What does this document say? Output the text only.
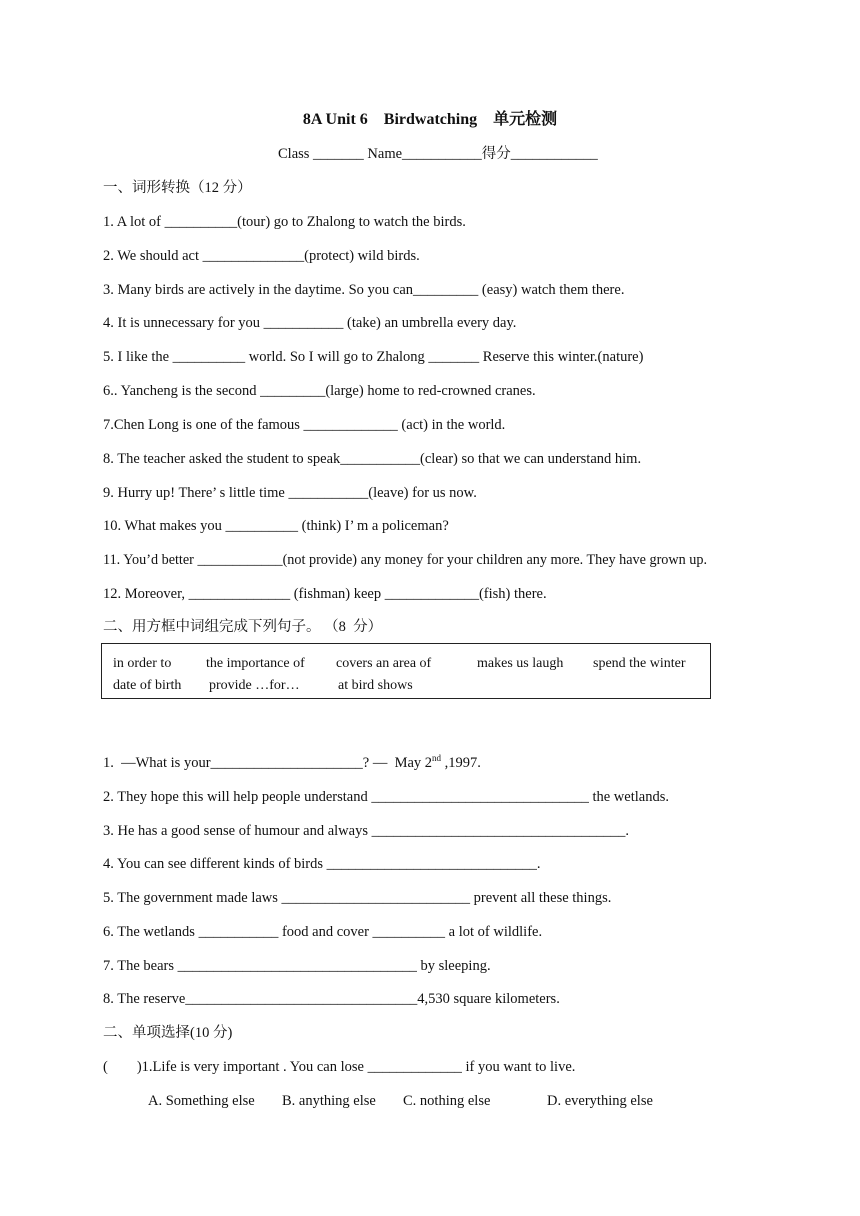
8A Unit 6    Birdwatching    单元检测
Class _______ Name___________得分____________
一、词形转换（12 分）
1. A lot of __________(tour) go to Zhalong to watch the birds.
2. We should act ______________(protect) wild birds.
3. Many birds are actively in the daytime. So you can_________ (easy) watch them there.
4. It is unnecessary for you ___________ (take) an umbrella every day.
5. I like the __________ world. So I will go to Zhalong _______ Reserve this winter.(nature)
6.. Yancheng is the second _________(large) home to red-crowned cranes.
7.Chen Long is one of the famous _____________ (act) in the world.
8. The teacher asked the student to speak___________(clear) so that we can understand him.
9. Hurry up! There’ s little time ___________(leave) for us now.
10. What makes you __________ (think) I’ m a policeman?
11. You’d better ____________(not provide) any money for your children any more. They have grown up.
12. Moreover, ______________ (fishman) keep _____________(fish) there.
二、用方框中词组完成下列句子。 （8  分）
in order to the importance of covers an area of	makes us laugh spend the winter
date of birth provide …for…	at bird shows
1.  —What is your_____________________? —  May 2nd ,1997.
2. They hope this will help people understand ______________________________ the wetlands.
3. He has a good sense of humour and always ___________________________________.
4. You can see different kinds of birds _____________________________.
5. The government made laws __________________________ prevent all these things.
6. The wetlands ___________ food and cover __________ a lot of wildlife.
7. The bears _________________________________ by sleeping.
8. The reserve________________________________4,530 square kilometers.
二、单项选择(10 分)
(        )1.Life is very important . You can lose _____________ if you want to live.
A. Something else B. anything else C. nothing else	D. everything else
